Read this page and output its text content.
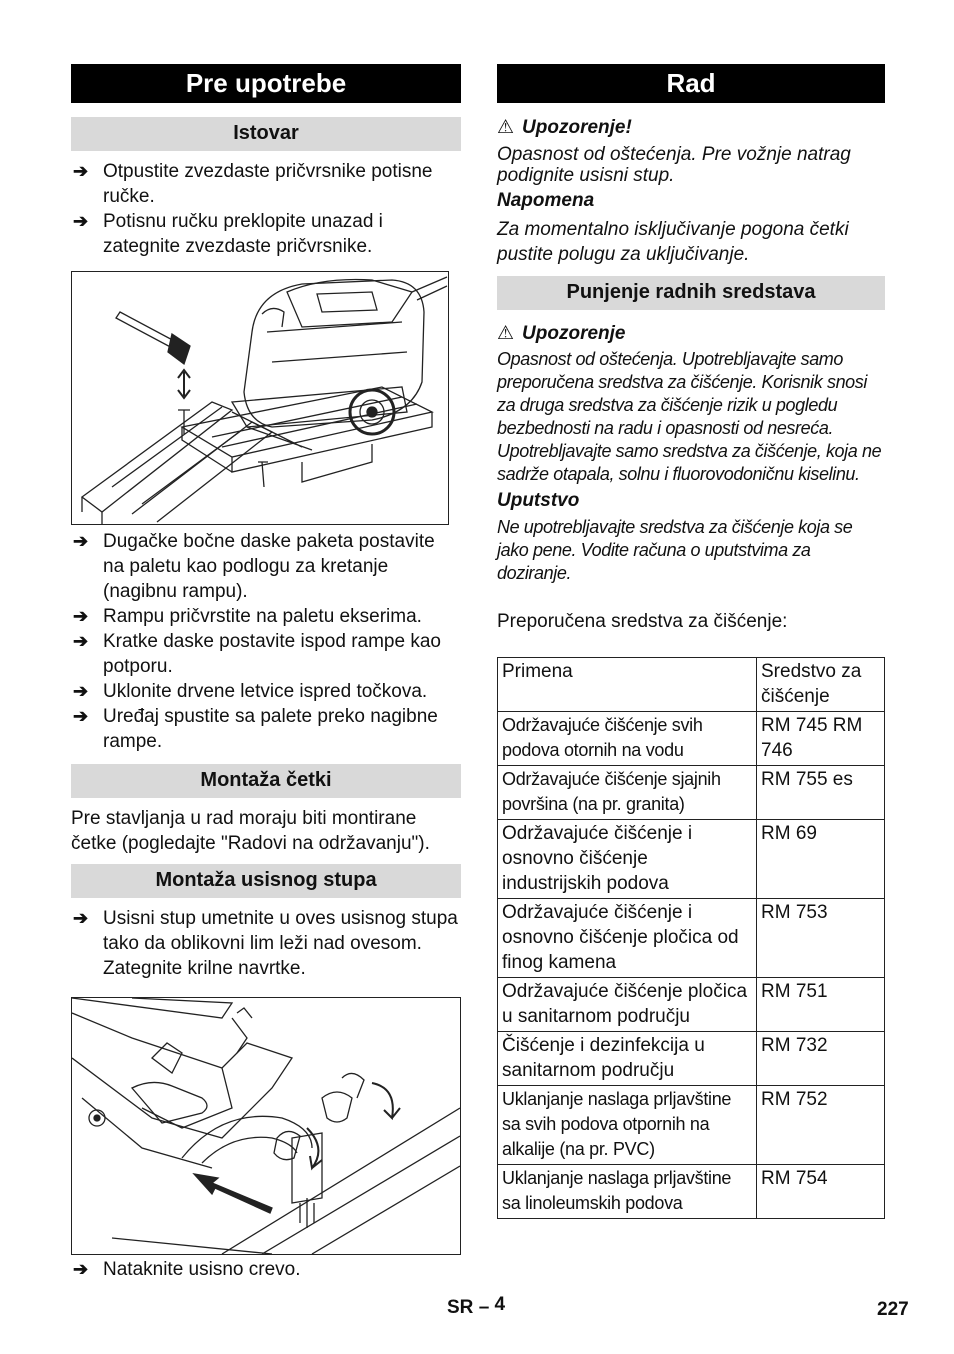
Pre upotrebe
Istovar
➔ Otpustite zvezdaste pričvrsnike potisne ručke.
➔ Potisnu ručku preklopite unazad i zategnite zvezdaste pričvrsnike.
➔ Dugačke bočne daske paketa postavite na paletu kao podlogu za kretanje (nagibnu rampu).
➔ Rampu pričvrstite na paletu ekserima.
➔ Kratke daske postavite ispod rampe kao potporu.
➔ Uklonite drvene letvice ispred točkova.
➔ Uređaj spustite sa palete preko nagibne rampe.
Montaža četki
Pre stavljanja u rad moraju biti montirane četke (pogledajte "Radovi na održavanju").
Montaža usisnog stupa
➔ Usisni stup umetnite u oves usisnog stupa tako da oblikovni lim leži nad ovesom. Zategnite krilne navrtke.
➔ Nataknite usisno crevo.
Rad
⚠ Upozorenje!
Opasnost od oštećenja. Pre vožnje natrag podignite usisni stup.
Napomena
Za momentalno isključivanje pogona četki pustite polugu za uključivanje.
Punjenje radnih sredstava
⚠ Upozorenje
Opasnost od oštećenja. Upotrebljavajte samo preporučena sredstva za čišćenje. Korisnik snosi za druga sredstva za čišćenje rizik u pogledu bezbednosti na radu i opasnosti od nesreća. Upotrebljavajte samo sredstva za čišćenje, koja ne sadrže otapala, solnu i fluorovodoničnu kiselinu.
Uputstvo
Ne upotrebljavajte sredstva za čišćenje koja se jako pene. Vodite računa o uputstvima za doziranje.
Preporučena sredstva za čišćenje:
Primena	Sredstvo za čišćenje
Održavajuće čišćenje svih podova otornih na vodu	RM 745 RM 746
Održavajuće čišćenje sjajnih površina (na pr. granita)	RM 755 es
Održavajuće čišćenje i osnovno čišćenje industrijskih podova	RM 69
Održavajuće čišćenje i osnovno čišćenje pločica od finog kamena	RM 753
Održavajuće čišćenje pločica u sanitarnom području	RM 751
Čišćenje i dezinfekcija u sanitarnom području	RM 732
Uklanjanje naslaga prljavštine sa svih podova otpornih na alkalije (na pr. PVC)	RM 752
Uklanjanje naslaga prljavštine sa linoleumskih podova	RM 754
SR – 4	227
